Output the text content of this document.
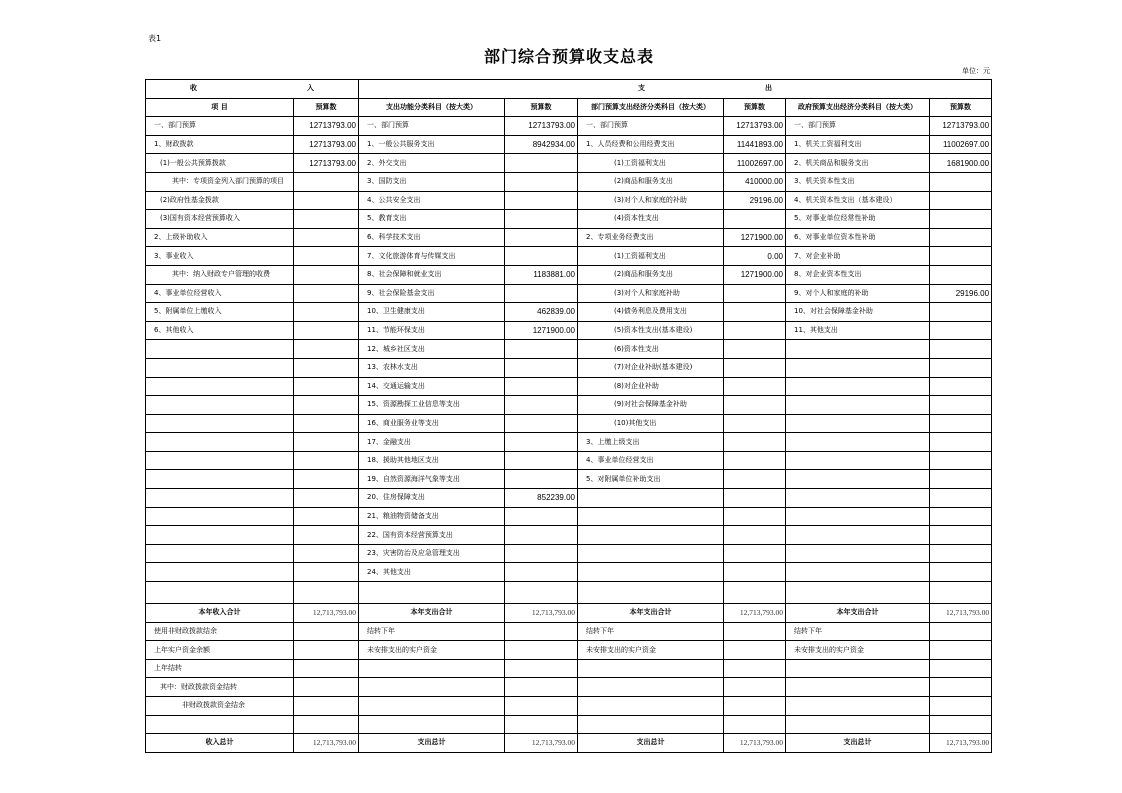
表1
部门综合预算收支总表
单位：元
收 入		支 出					
项 目	预算数	支出功能分类科目（按大类）	预算数	部门预算支出经济分类科目（按大类）	预算数	政府预算支出经济分类科目（按大类）	预算数
一、部门预算	12713793.00	一、部门预算	12713793.00	一、部门预算	12713793.00	一、部门预算	12713793.00
1、财政拨款	12713793.00	1、一般公共服务支出	8942934.00	1、人员经费和公用经费支出	11441893.00	1、机关工资福利支出	11002697.00
(1)一般公共预算拨款	12713793.00	2、外交支出		(1)工资福利支出	11002697.00	2、机关商品和服务支出	1681900.00
其中：专项资金列入部门预算的项目		3、国防支出		(2)商品和服务支出	410000.00	3、机关资本性支出	
(2)政府性基金拨款		4、公共安全支出		(3)对个人和家庭的补助	29196.00	4、机关资本性支出（基本建设）	
(3)国有资本经营预算收入		5、教育支出		(4)资本性支出		5、对事业单位经常性补助	
2、上级补助收入		6、科学技术支出		2、专项业务经费支出	1271900.00	6、对事业单位资本性补助	
3、事业收入		7、文化旅游体育与传媒支出		(1)工资福利支出	0.00	7、对企业补助	
其中：纳入财政专户管理的收费		8、社会保障和就业支出	1183881.00	(2)商品和服务支出	1271900.00	8、对企业资本性支出	
4、事业单位经营收入		9、社会保险基金支出		(3)对个人和家庭补助		9、对个人和家庭的补助	29196.00
5、附属单位上缴收入		10、卫生健康支出	462839.00	(4)债务利息及费用支出		10、对社会保障基金补助	
6、其他收入		11、节能环保支出	1271900.00	(5)资本性支出(基本建设)		11、其他支出	
		12、城乡社区支出		(6)资本性支出			
		13、农林水支出		(7)对企业补助(基本建设)			
		14、交通运输支出		(8)对企业补助			
		15、资源勘探工业信息等支出		(9)对社会保障基金补助			
		16、商业服务业等支出		(10)其他支出			
		17、金融支出		3、上缴上级支出			
		18、援助其他地区支出		4、事业单位经营支出			
		19、自然资源海洋气象等支出		5、对附属单位补助支出			
		20、住房保障支出	852239.00				
		21、粮油物资储备支出					
		22、国有资本经营预算支出					
		23、灾害防治及应急管理支出					
		24、其他支出					

本年收入合计	12,713,793.00	本年支出合计	12,713,793.00	本年支出合计	12,713,793.00	本年支出合计	12,713,793.00
使用非财政拨款结余		结转下年		结转下年		结转下年	
上年实户资金余额		未安排支出的实户资金		未安排支出的实户资金		未安排支出的实户资金	
上年结转							
其中：财政拨款资金结转							
非财政拨款资金结余							

收入总计	12,713,793.00	支出总计	12,713,793.00	支出总计	12,713,793.00	支出总计	12,713,793.00
